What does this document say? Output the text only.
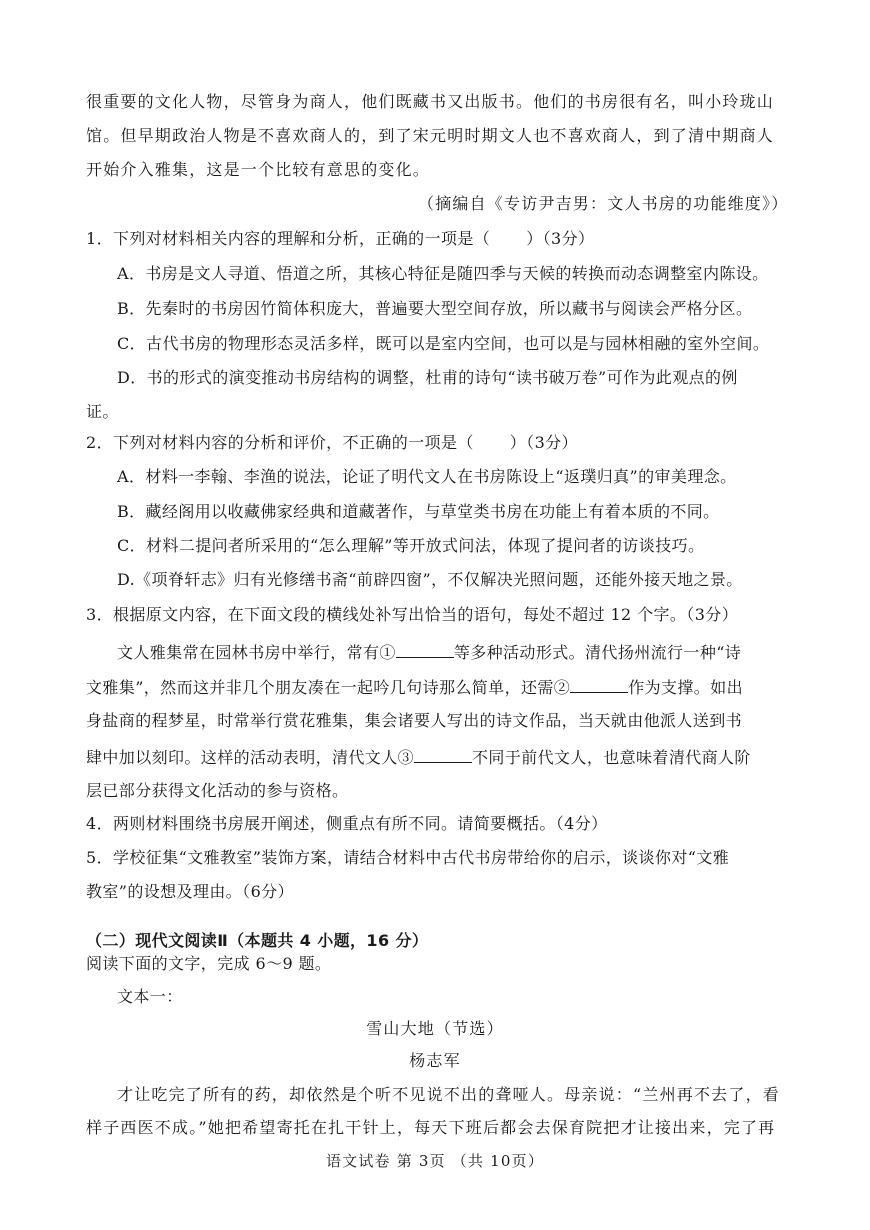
很重要的文化人物，尽管身为商人，他们既藏书又出版书。他们的书房很有名，叫小玲珑山
馆。但早期政治人物是不喜欢商人的，到了宋元明时期文人也不喜欢商人，到了清中期商人
开始介入雅集，这是一个比较有意思的变化。
（摘编自《专访尹吉男：文人书房的功能维度》）
1．下列对材料相关内容的理解和分析，正确的一项是（ ）（3分）
A．书房是文人寻道、悟道之所，其核心特征是随四季与天候的转换而动态调整室内陈设。
B．先秦时的书房因竹简体积庞大，普遍要大型空间存放，所以藏书与阅读会严格分区。
C．古代书房的物理形态灵活多样，既可以是室内空间，也可以是与园林相融的室外空间。
D．书的形式的演变推动书房结构的调整，杜甫的诗句“读书破万卷”可作为此观点的例
证。
2．下列对材料内容的分析和评价，不正确的一项是（ ）（3分）
A．材料一李翰、李渔的说法，论证了明代文人在书房陈设上“返璞归真”的审美理念。
B．藏经阁用以收藏佛家经典和道藏著作，与草堂类书房在功能上有着本质的不同。
C．材料二提问者所采用的“怎么理解”等开放式问法，体现了提问者的访谈技巧。
D.《项脊轩志》归有光修缮书斋“前辟四窗”，不仅解决光照问题，还能外接天地之景。
3．根据原文内容，在下面文段的横线处补写出恰当的语句，每处不超过 12 个字。（3分）
文人雅集常在园林书房中举行，常有①	等多种活动形式。清代扬州流行一种“诗
文雅集”，然而这并非几个朋友凑在一起吟几句诗那么简单，还需②	作为支撑。如出
身盐商的程梦星，时常举行赏花雅集，集会诸要人写出的诗文作品，当天就由他派人送到书
肆中加以刻印。这样的活动表明，清代文人③	不同于前代文人，也意味着清代商人阶
层已部分获得文化活动的参与资格。
4．两则材料围绕书房展开阐述，侧重点有所不同。请简要概括。（4分）
5．学校征集“文雅教室”装饰方案，请结合材料中古代书房带给你的启示，谈谈你对“文雅
教室”的设想及理由。（6分）
（二）现代文阅读Ⅱ（本题共 4 小题，16 分）
阅读下面的文字，完成 6～9 题。
文本一：
雪山大地（节选）
杨志军
才让吃完了所有的药，却依然是个听不见说不出的聋哑人。母亲说：“兰州再不去了，看
样子西医不成。”她把希望寄托在扎干针上，每天下班后都会去保育院把才让接出来，完了再
语文试卷 第 3页 （共 10页）
